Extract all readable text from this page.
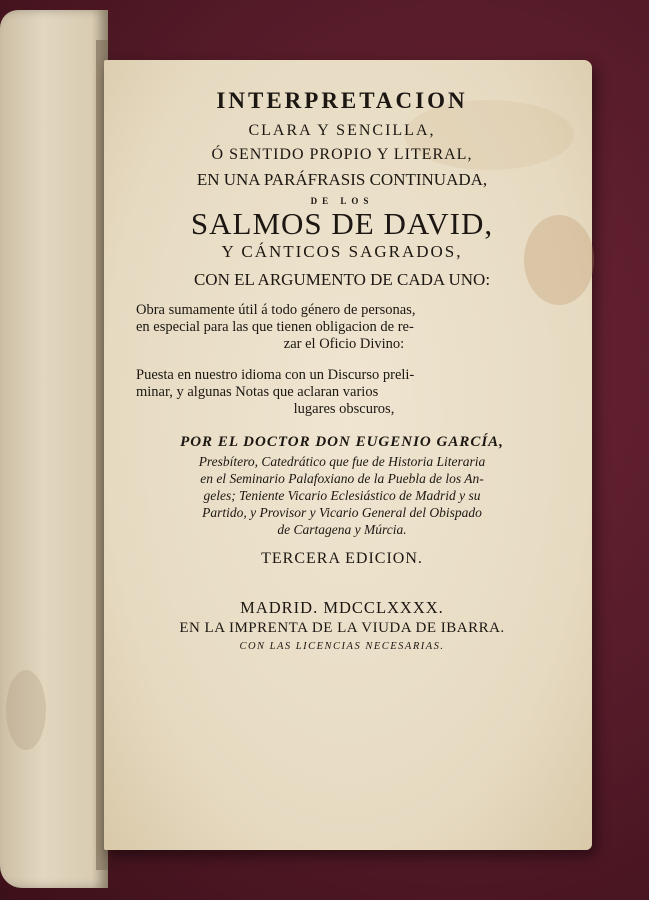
INTERPRETACION
CLARA Y SENCILLA,
Ó SENTIDO PROPIO Y LITERAL,
EN UNA PARÁFRASIS CONTINUADA,
DE LOS
SALMOS DE DAVID,
Y CÁNTICOS SAGRADOS,
CON EL ARGUMENTO DE CADA UNO:
Obra sumamente útil á todo género de personas,
en especial para las que tienen obligacion de re-
zar el Oficio Divino:
Puesta en nuestro idioma con un Discurso preli-
minar, y algunas Notas que aclaran varios
lugares obscuros,
POR EL DOCTOR DON EUGENIO GARCÍA,
Presbítero, Catedrático que fue de Historia Literaria
en el Seminario Palafoxiano de la Puebla de los An-
geles; Teniente Vicario Eclesiástico de Madrid y su
Partido, y Provisor y Vicario General del Obispado
de Cartagena y Múrcia.
TERCERA EDICION.
MADRID. MDCCLXXXX.
EN LA IMPRENTA DE LA VIUDA DE IBARRA.
CON LAS LICENCIAS NECESARIAS.
